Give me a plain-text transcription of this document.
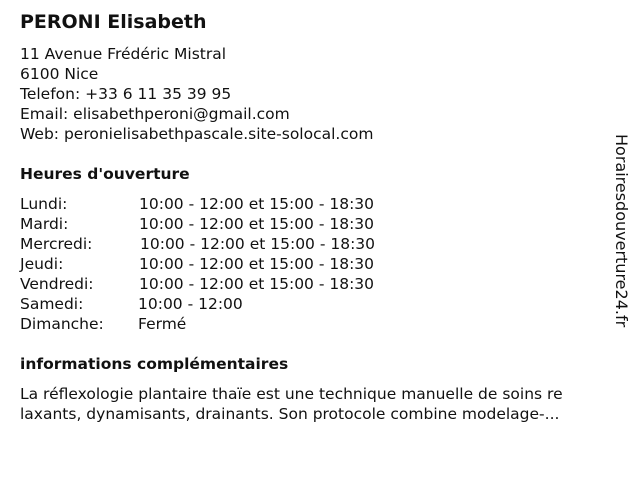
PERONI Elisabeth
11 Avenue Frédéric Mistral
6100 Nice
Telefon: +33 6 11 35 39 95
Email: elisabethperoni@gmail.com
Web: peronielisabethpascale.site-solocal.com
Heures d'ouverture
Lundi:	10:00 - 12:00 et 15:00 - 18:30
Mardi:	10:00 - 12:00 et 15:00 - 18:30
Mercredi:	10:00 - 12:00 et 15:00 - 18:30
Jeudi:	10:00 - 12:00 et 15:00 - 18:30
Vendredi:	10:00 - 12:00 et 15:00 - 18:30
Samedi:	10:00 - 12:00
Dimanche: Fermé
informations complémentaires
La réflexologie plantaire thaïe est une technique manuelle de soins re
laxants, dynamisants, drainants. Son protocole combine modelage-...
Horairesdouverture24.fr
